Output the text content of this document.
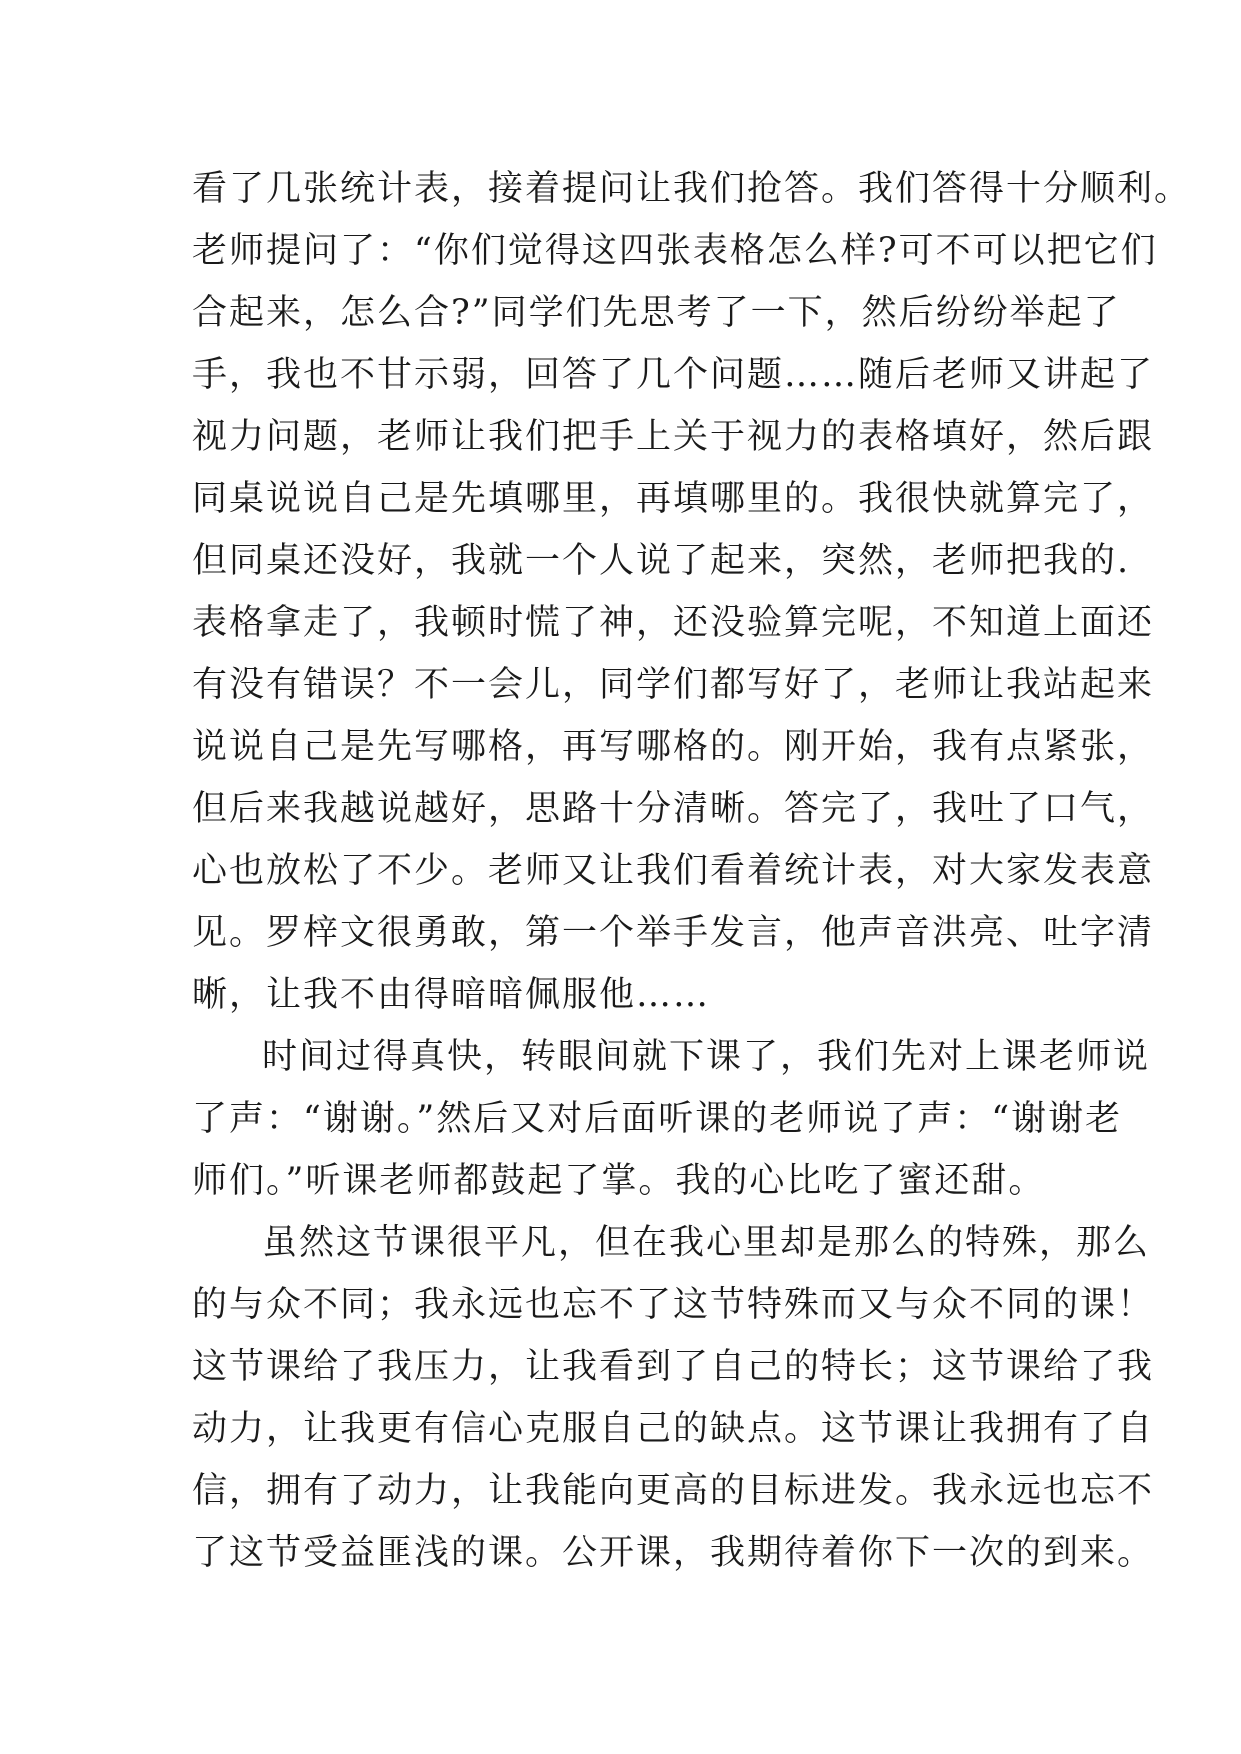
看了几张统计表，接着提问让我们抢答。我们答得十分顺利。
老师提问了：“你们觉得这四张表格怎么样?可不可以把它们
合起来，怎么合?”同学们先思考了一下，然后纷纷举起了
手，我也不甘示弱，回答了几个问题……随后老师又讲起了
视力问题，老师让我们把手上关于视力的表格填好，然后跟
同桌说说自己是先填哪里，再填哪里的。我很快就算完了，
但同桌还没好，我就一个人说了起来，突然，老师把我的.
表格拿走了，我顿时慌了神，还没验算完呢，不知道上面还
有没有错误？不一会儿，同学们都写好了，老师让我站起来
说说自己是先写哪格，再写哪格的。刚开始，我有点紧张，
但后来我越说越好，思路十分清晰。答完了，我吐了口气，
心也放松了不少。老师又让我们看着统计表，对大家发表意
见。罗梓文很勇敢，第一个举手发言，他声音洪亮、吐字清
晰，让我不由得暗暗佩服他……
时间过得真快，转眼间就下课了，我们先对上课老师说
了声：“谢谢。”然后又对后面听课的老师说了声：“谢谢老
师们。”听课老师都鼓起了掌。我的心比吃了蜜还甜。
虽然这节课很平凡，但在我心里却是那么的特殊，那么
的与众不同；我永远也忘不了这节特殊而又与众不同的课！
这节课给了我压力，让我看到了自己的特长；这节课给了我
动力，让我更有信心克服自己的缺点。这节课让我拥有了自
信，拥有了动力，让我能向更高的目标进发。我永远也忘不
了这节受益匪浅的课。公开课，我期待着你下一次的到来。
